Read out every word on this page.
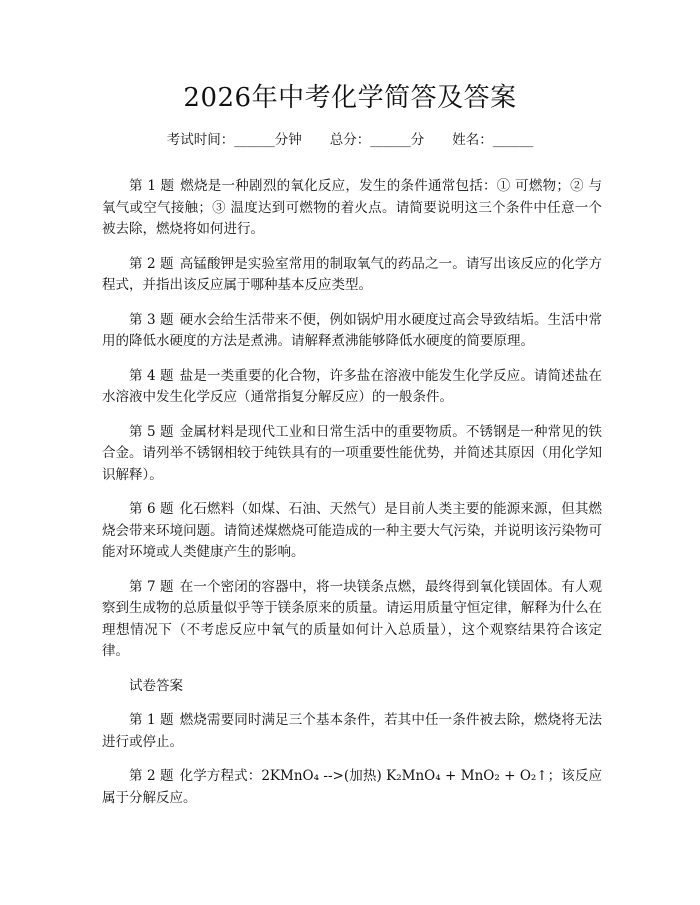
2026年中考化学简答及答案
考试时间：______分钟 总分：______分 姓名：______

第 1 题 燃烧是一种剧烈的氧化反应，发生的条件通常包括：① 可燃物；② 与氧气或空气接触；③ 温度达到可燃物的着火点。请简要说明这三个条件中任意一个被去除，燃烧将如何进行。

第 2 题 高锰酸钾是实验室常用的制取氧气的药品之一。请写出该反应的化学方程式，并指出该反应属于哪种基本反应类型。

第 3 题 硬水会给生活带来不便，例如锅炉用水硬度过高会导致结垢。生活中常用的降低水硬度的方法是煮沸。请解释煮沸能够降低水硬度的简要原理。

第 4 题 盐是一类重要的化合物，许多盐在溶液中能发生化学反应。请简述盐在水溶液中发生化学反应（通常指复分解反应）的一般条件。

第 5 题 金属材料是现代工业和日常生活中的重要物质。不锈钢是一种常见的铁合金。请列举不锈钢相较于纯铁具有的一项重要性能优势，并简述其原因（用化学知识解释）。

第 6 题 化石燃料（如煤、石油、天然气）是目前人类主要的能源来源，但其燃烧会带来环境问题。请简述煤燃烧可能造成的一种主要大气污染，并说明该污染物可能对环境或人类健康产生的影响。

第 7 题 在一个密闭的容器中，将一块镁条点燃，最终得到氧化镁固体。有人观察到生成物的总质量似乎等于镁条原来的质量。请运用质量守恒定律，解释为什么在理想情况下（不考虑反应中氧气的质量如何计入总质量），这个观察结果符合该定律。

试卷答案

第 1 题 燃烧需要同时满足三个基本条件，若其中任一条件被去除，燃烧将无法进行或停止。

第 2 题 化学方程式：2KMnO₄ -->(加热) K₂MnO₄ + MnO₂ + O₂↑；该反应属于分解反应。
